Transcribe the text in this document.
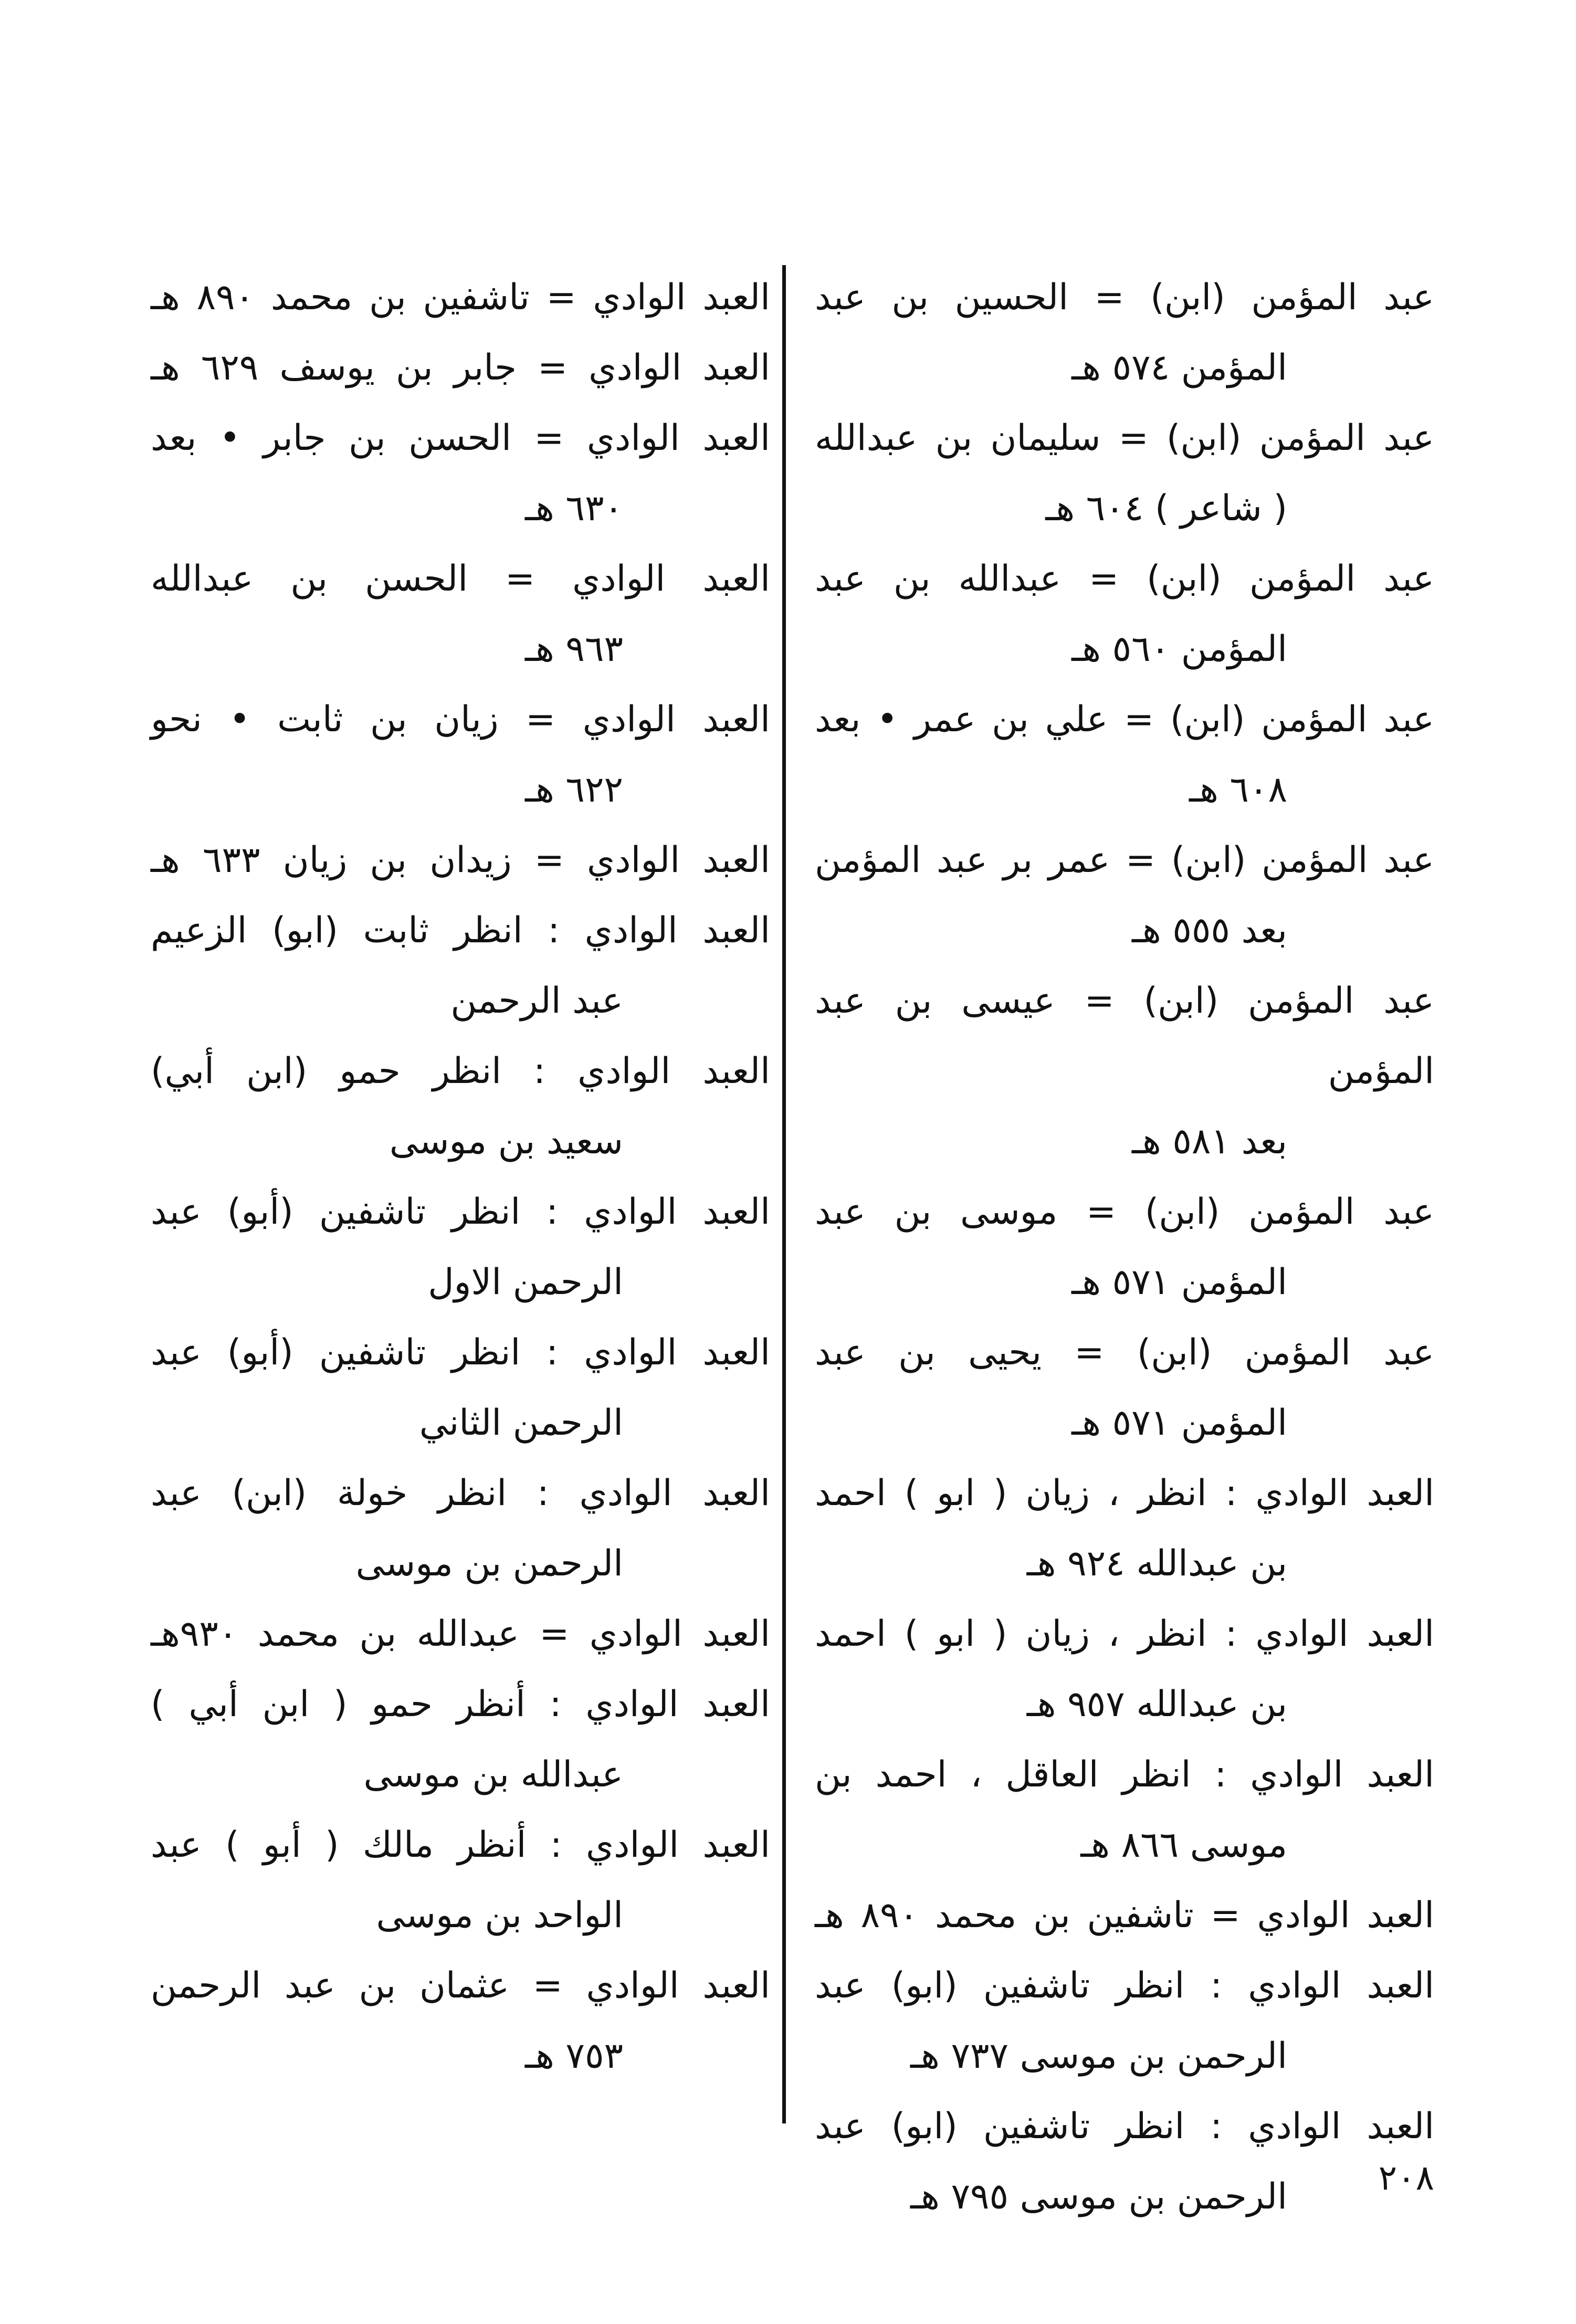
عبد المؤمن (ابن) = الحسين بن عبد
المؤمن ٥٧٤ هـ
عبد المؤمن (ابن) = سليمان بن عبدالله
( شاعر ) ٦٠٤ هـ
عبد المؤمن (ابن) = عبدالله بن عبد
المؤمن ٥٦٠ هـ
عبد المؤمن (ابن) = علي بن عمر • بعد
٦٠٨ هـ
عبد المؤمن (ابن) = عمر بر عبد المؤمن
بعد ٥٥٥ هـ
عبد المؤمن (ابن) = عيسى بن عبد المؤمن
بعد ٥٨١ هـ
عبد المؤمن (ابن) = موسى بن عبد
المؤمن ٥٧١ هـ
عبد المؤمن (ابن) = يحيى بن عبد
المؤمن ٥٧١ هـ
العبد الوادي : انظر ، زيان ( ابو ) احمد
بن عبدالله ٩٢٤ هـ
العبد الوادي : انظر ، زيان ( ابو ) احمد
بن عبدالله ٩٥٧ هـ
العبد الوادي : انظر العاقل ، احمد بن
موسى ٨٦٦ هـ
العبد الوادي = تاشفين بن محمد ٨٩٠ هـ
العبد الوادي : انظر تاشفين (ابو) عبد
الرحمن بن موسى ٧٣٧ هـ
العبد الوادي : انظر تاشفين (ابو) عبد
الرحمن بن موسى ٧٩٥ هـ
العبد الوادي = تاشفين بن محمد ٨٩٠ هـ
العبد الوادي = جابر بن يوسف ٦٢٩ هـ
العبد الوادي = الحسن بن جابر • بعد
٦٣٠ هـ
العبد الوادي = الحسن بن عبدالله
٩٦٣ هـ
العبد الوادي = زيان بن ثابت • نحو
٦٢٢ هـ
العبد الوادي = زيدان بن زيان ٦٣٣ هـ
العبد الوادي : انظر ثابت (ابو) الزعيم
عبد الرحمن
العبد الوادي : انظر حمو (ابن أبي)
سعيد بن موسى
العبد الوادي : انظر تاشفين (أبو) عبد
الرحمن الاول
العبد الوادي : انظر تاشفين (أبو) عبد
الرحمن الثاني
العبد الوادي : انظر خولة (ابن) عبد
الرحمن بن موسى
العبد الوادي = عبدالله بن محمد ٩٣٠هـ
العبد الوادي : أنظر حمو ( ابن أبي )
عبدالله بن موسى
العبد الوادي : أنظر مالك ( أبو ) عبد
الواحد بن موسى
العبد الوادي = عثمان بن عبد الرحمن
٧٥٣ هـ
٢٠٨
